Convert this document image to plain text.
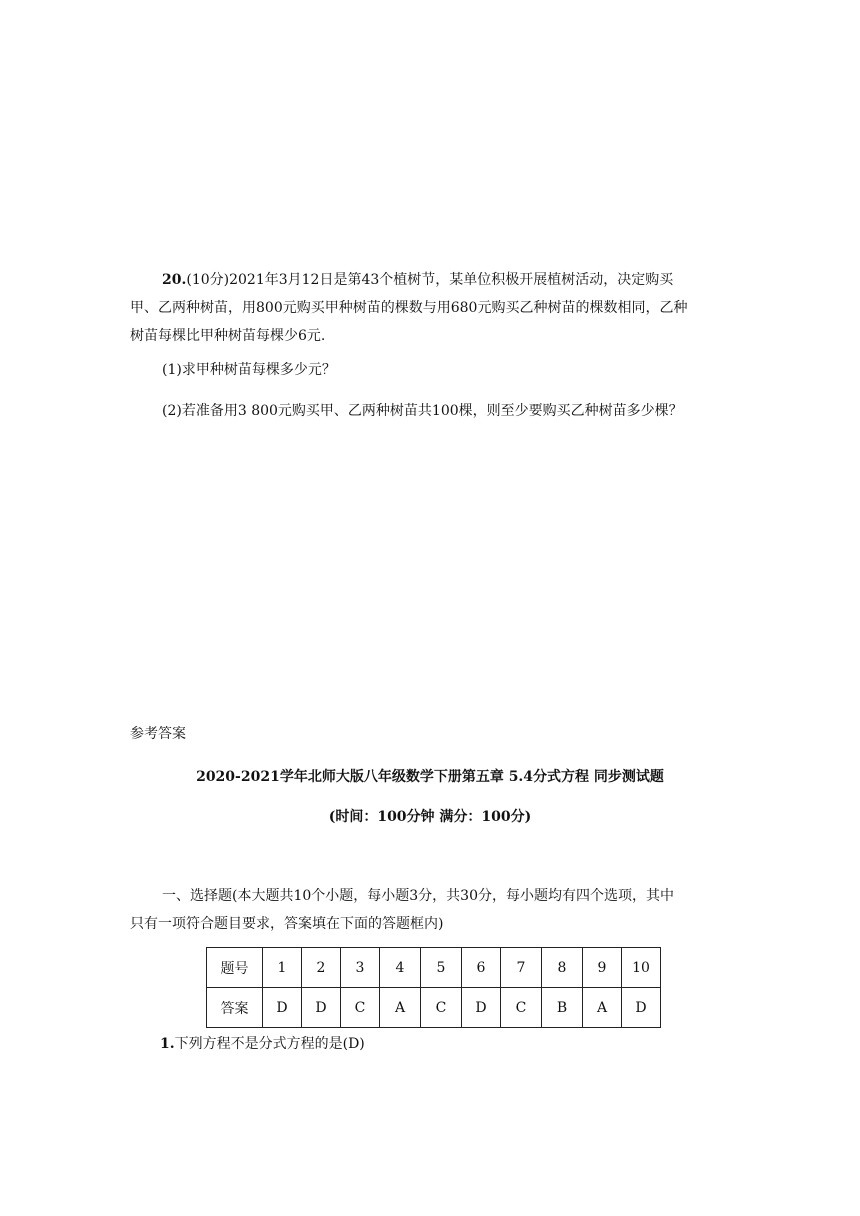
20.(10分)2021年3月12日是第43个植树节，某单位积极开展植树活动，决定购买

甲、乙两种树苗，用800元购买甲种树苗的棵数与用680元购买乙种树苗的棵数相同，乙种

树苗每棵比甲种树苗每棵少6元.

(1)求甲种树苗每棵多少元？
(2)若准备用3 800元购买甲、乙两种树苗共100棵，则至少要购买乙种树苗多少棵？
参考答案
2020-2021学年北师大版八年级数学下册第五章 5.4分式方程 同步测试题
(时间：100分钟 满分：100分)
一、选择题(本大题共10个小题，每小题3分，共30分，每小题均有四个选项，其中
只有一项符合题目要求，答案填在下面的答题框内)
题号	1	2	3	4	5	6	7	8	9	10
答案	D	D	C	A	C	D	C	B	A	D
1.下列方程不是分式方程的是(D)
